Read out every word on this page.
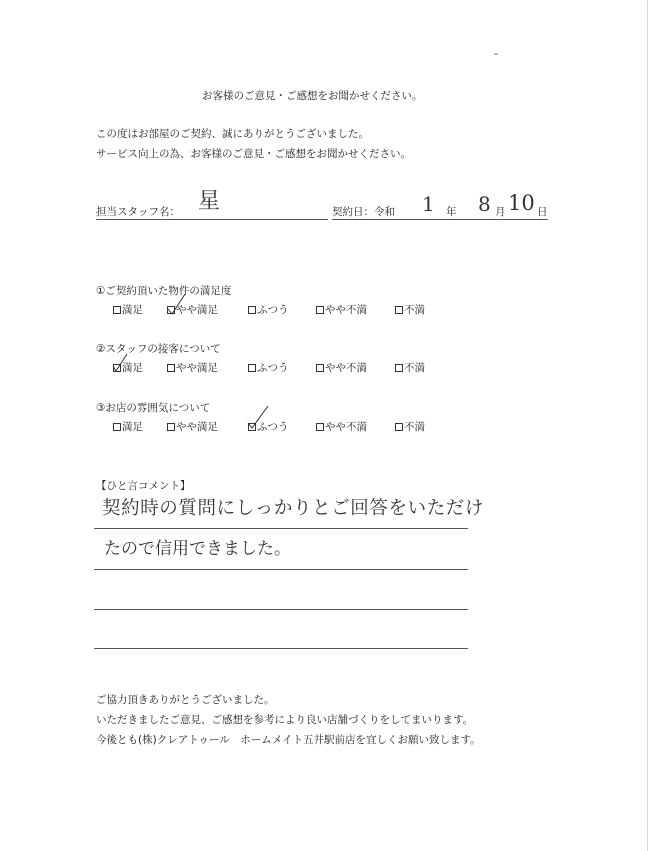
お客様のご意見・ご感想をお聞かせください。
この度はお部屋のご契約、誠にありがとうございました。
サービス向上の為、お客様のご意見・ご感想をお聞かせください。
担当スタッフ名： 星	契約日：令和 1 年 8 月 10 日
①ご契約頂いた物件の満足度
満足	やや満足	ふつう	やや不満	不満
②スタッフの接客について
満足	やや満足	ふつう	やや不満	不満
③お店の雰囲気について
満足	やや満足	ふつう	やや不満	不満
【ひと言コメント】
契約時の質問にしっかりとご回答をいただけ
たので信用できました。
ご協力頂きありがとうございました。
いただきましたご意見、ご感想を参考により良い店舗づくりをしてまいります。
今後とも(株)クレアトゥール　ホームメイト五井駅前店を宜しくお願い致します。
